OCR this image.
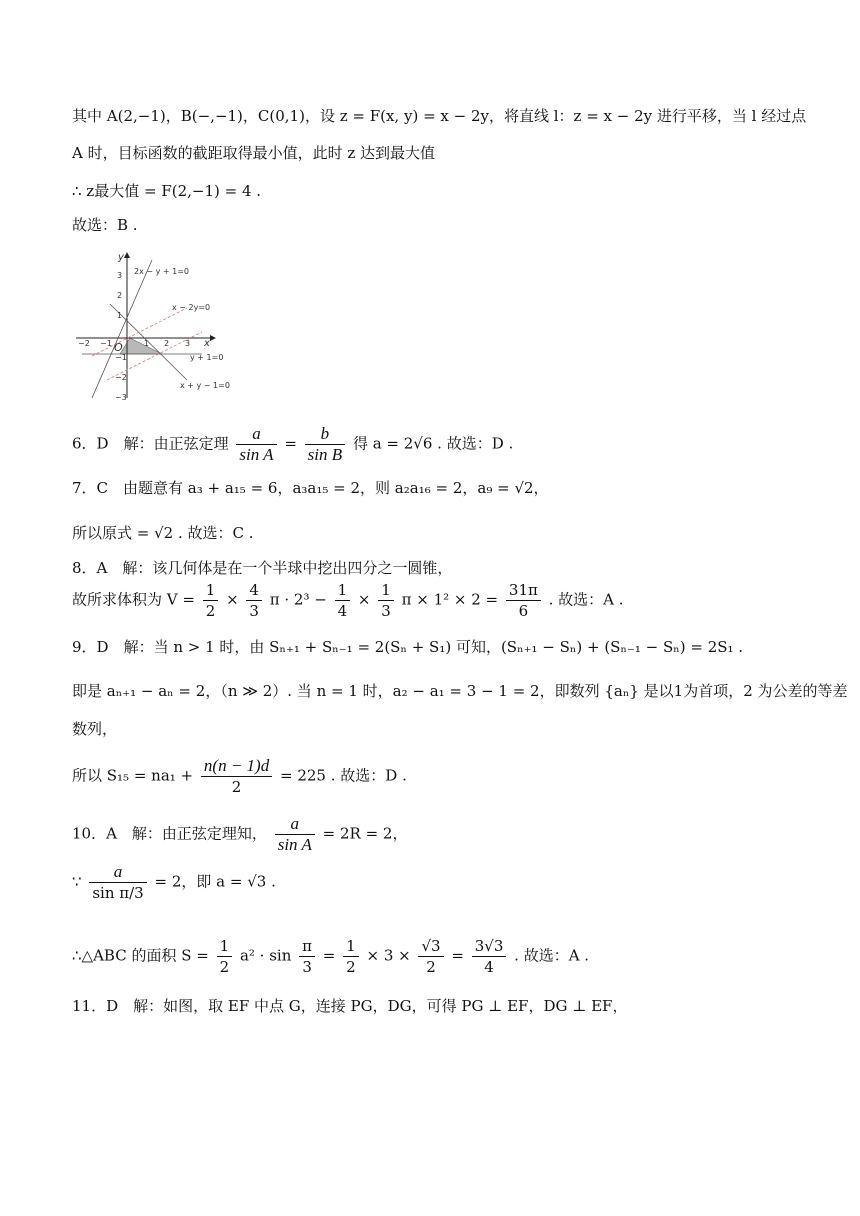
其中 A(2,−1)，B(−,−1)，C(0,1)，设 z = F(x, y) = x − 2y，将直线 l：z = x − 2y 进行平移，当 l 经过点
A 时，目标函数的截距取得最小值，此时 z 达到最大值
∴ z最大值 = F(2,−1) = 4 .
故选：B .
y
x
O
3
2
1
−1
−2
−3
−2 −1	1 2 3
2x − y + 1=0
x − 2y=0
y + 1=0
x + y − 1=0
6．D　解：由正弦定理 $\frac{a}{\text{sin A}} = \frac{b}{\text{sin B}}$ 得 a = 2√6 . 故选：D .
7．C　由题意有 a₃ + a₁₅ = 6，a₃a₁₅ = 2，则 a₂a₁₆ = 2，a₉ = √2，
所以原式 = √2 . 故选：C .
8．A　解：该几何体是在一个半球中挖出四分之一圆锥，
故所求体积为 $V = \frac{1}{2} \times \frac{4}{3}$ $\pi \cdot 2^3 - \frac{1}{4} \times \frac{1}{3}$ $\pi \times 1^2 \times 2 = \frac{31\pi}{6}$ . 故选：A .
9．D　解：当 n > 1 时，由 Sₙ₊₁ + Sₙ₋₁ = 2(Sₙ + S₁) 可知，(Sₙ₊₁ − Sₙ) + (Sₙ₋₁ − Sₙ) = 2S₁ .
即是 aₙ₊₁ − aₙ = 2，（n ≫ 2）. 当 n = 1 时，a₂ − a₁ = 3 − 1 = 2，即数列 {aₙ} 是以1为首项，2 为公差的等差
数列，
所以 $S_{15} = na_1 + \frac{n(n - 1)d}{2} = 225$ . 故选：D .
10．A　解：由正弦定理知， $\frac{a}{\text{sin A}} = 2R = 2$，
∵ $\frac{a}{\text{sin π/3}} = 2$，即 a = √3 .
∴△ABC 的面积 $S = \frac{1}{2} a^2 \cdot \sin \frac{\pi}{3} = \frac{1}{2} \times 3 \times \frac{√3}{2} = \frac{3√3}{4}$ . 故选：A .
11．D　解：如图，取 EF 中点 G，连接 PG，DG，可得 PG ⊥ EF，DG ⊥ EF，
